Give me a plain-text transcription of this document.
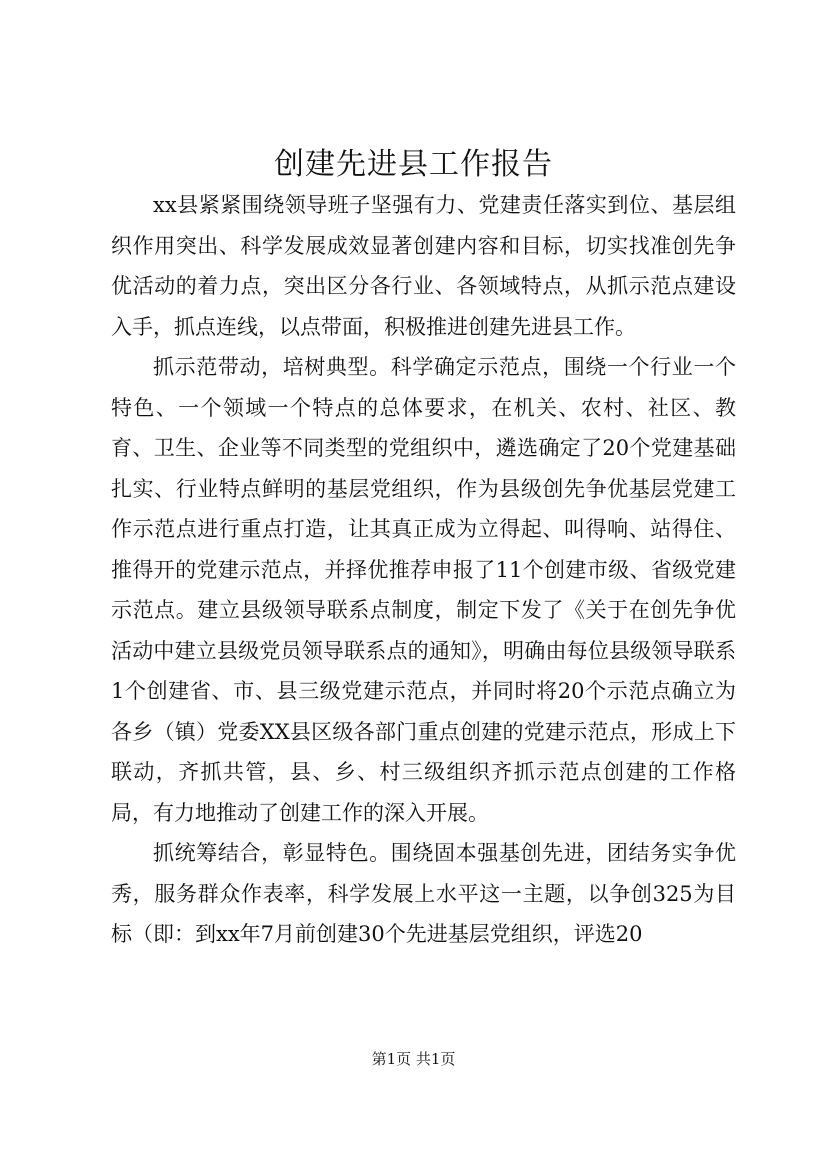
创建先进县工作报告

xx县紧紧围绕领导班子坚强有力、党建责任落实到位、基层组织作用突出、科学发展成效显著创建内容和目标，切实找准创先争优活动的着力点，突出区分各行业、各领域特点，从抓示范点建设入手，抓点连线，以点带面，积极推进创建先进县工作。

抓示范带动，培树典型。科学确定示范点，围绕一个行业一个特色、一个领域一个特点的总体要求，在机关、农村、社区、教育、卫生、企业等不同类型的党组织中，遴选确定了20个党建基础扎实、行业特点鲜明的基层党组织，作为县级创先争优基层党建工作示范点进行重点打造，让其真正成为立得起、叫得响、站得住、推得开的党建示范点，并择优推荐申报了11个创建市级、省级党建示范点。建立县级领导联系点制度，制定下发了《关于在创先争优活动中建立县级党员领导联系点的通知》，明确由每位县级领导联系1个创建省、市、县三级党建示范点，并同时将20个示范点确立为各乡（镇）党委XX县区级各部门重点创建的党建示范点，形成上下联动，齐抓共管，县、乡、村三级组织齐抓示范点创建的工作格局，有力地推动了创建工作的深入开展。

抓统筹结合，彰显特色。围绕固本强基创先进，团结务实争优秀，服务群众作表率，科学发展上水平这一主题，以争创325为目标（即：到xx年7月前创建30个先进基层党组织，评选20

第1页 共1页
